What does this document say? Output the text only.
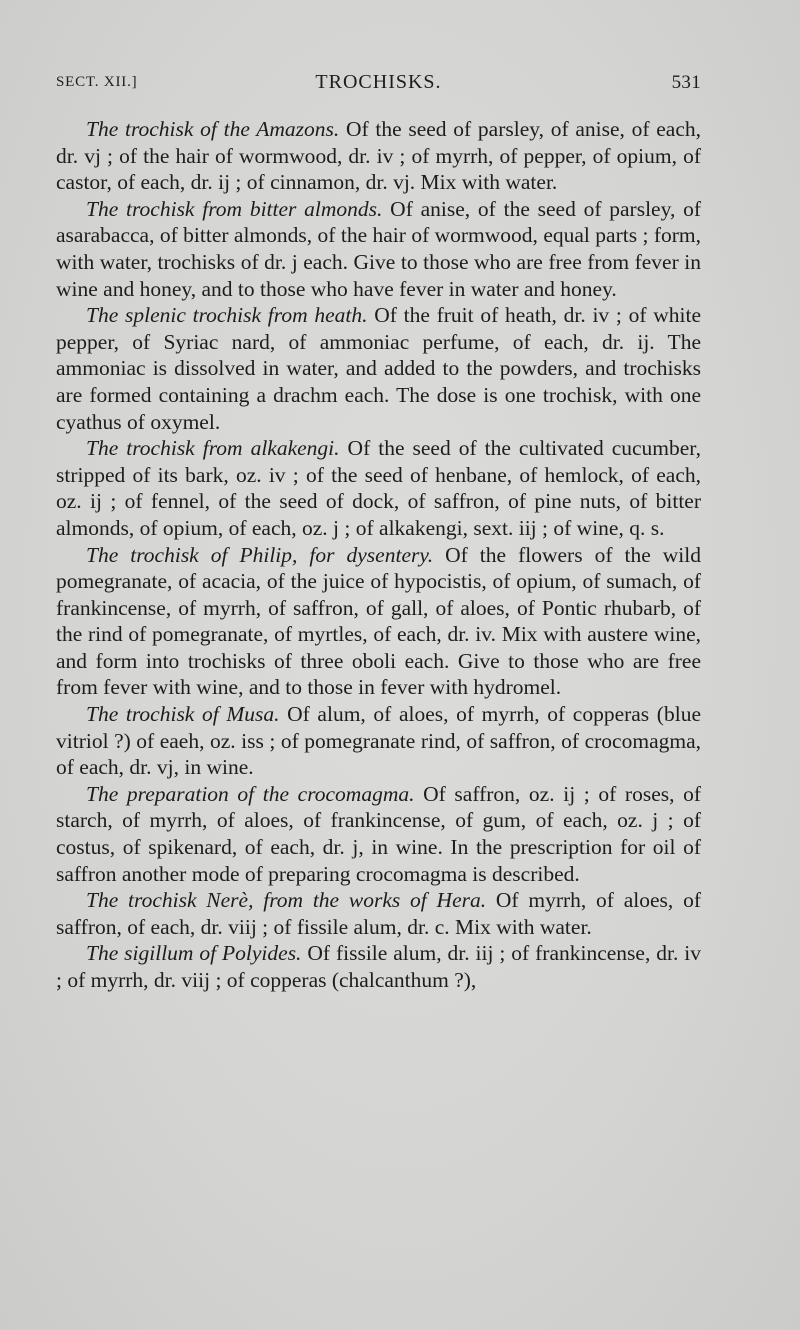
SECT. XII.]	TROCHISKS.	531

The trochisk of the Amazons. Of the seed of parsley, of anise, of each, dr. vj ; of the hair of wormwood, dr. iv ; of myrrh, of pepper, of opium, of castor, of each, dr. ij ; of cinnamon, dr. vj. Mix with water.

The trochisk from bitter almonds. Of anise, of the seed of parsley, of asarabacca, of bitter almonds, of the hair of wormwood, equal parts ; form, with water, trochisks of dr. j each. Give to those who are free from fever in wine and honey, and to those who have fever in water and honey.

The splenic trochisk from heath. Of the fruit of heath, dr. iv ; of white pepper, of Syriac nard, of ammoniac perfume, of each, dr. ij. The ammoniac is dissolved in water, and added to the powders, and trochisks are formed containing a drachm each. The dose is one trochisk, with one cyathus of oxymel.

The trochisk from alkakengi. Of the seed of the cultivated cucumber, stripped of its bark, oz. iv ; of the seed of henbane, of hemlock, of each, oz. ij ; of fennel, of the seed of dock, of saffron, of pine nuts, of bitter almonds, of opium, of each, oz. j ; of alkakengi, sext. iij ; of wine, q. s.

The trochisk of Philip, for dysentery. Of the flowers of the wild pomegranate, of acacia, of the juice of hypocistis, of opium, of sumach, of frankincense, of myrrh, of saffron, of gall, of aloes, of Pontic rhubarb, of the rind of pomegranate, of myrtles, of each, dr. iv. Mix with austere wine, and form into trochisks of three oboli each. Give to those who are free from fever with wine, and to those in fever with hydromel.

The trochisk of Musa. Of alum, of aloes, of myrrh, of copperas (blue vitriol ?) of eaeh, oz. iss ; of pomegranate rind, of saffron, of crocomagma, of each, dr. vj, in wine.

The preparation of the crocomagma. Of saffron, oz. ij ; of roses, of starch, of myrrh, of aloes, of frankincense, of gum, of each, oz. j ; of costus, of spikenard, of each, dr. j, in wine. In the prescription for oil of saffron another mode of preparing crocomagma is described.

The trochisk Nerè, from the works of Hera. Of myrrh, of aloes, of saffron, of each, dr. viij ; of fissile alum, dr. c. Mix with water.

The sigillum of Polyides. Of fissile alum, dr. iij ; of frankincense, dr. iv ; of myrrh, dr. viij ; of copperas (chalcanthum ?),
